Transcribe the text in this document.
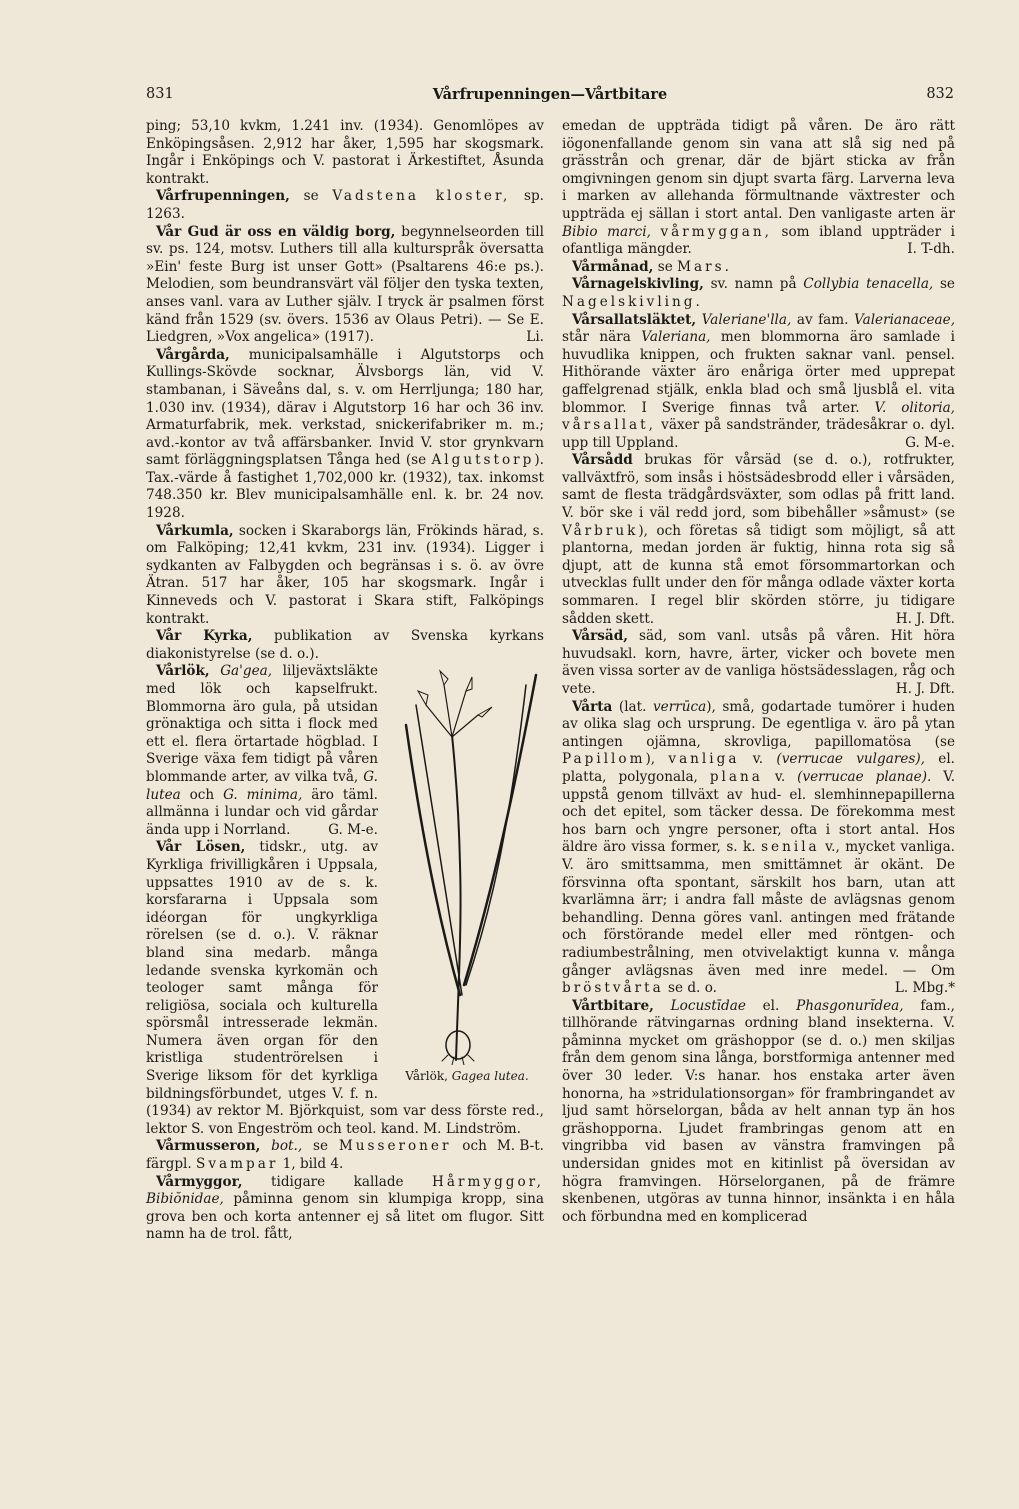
831	Vårfrupenningen—Vårtbitare	832

ping; 53,10 kvkm, 1.241 inv. (1934). Genomlöpes av Enköpingsåsen. 2,912 har åker, 1,595 har skogsmark. Ingår i Enköpings och V. pastorat i Ärkestiftet, Åsunda kontrakt.

Vårfrupenningen, se Vadstena kloster, sp. 1263.

Vår Gud är oss en väldig borg, begynnelseorden till sv. ps. 124, motsv. Luthers till alla kulturspråk översatta »Ein' feste Burg ist unser Gott» (Psaltarens 46:e ps.). Melodien, som beundransvärt väl följer den tyska texten, anses vanl. vara av Luther själv. I tryck är psalmen först känd från 1529 (sv. övers. 1536 av Olaus Petri). — Se E. Liedgren, »Vox angelica» (1917).	Li.

Vårgårda, municipalsamhälle i Algutstorps och Kullings-Skövde socknar, Älvsborgs län, vid V. stambanan, i Säveåns dal, s. v. om Herrljunga; 180 har, 1.030 inv. (1934), därav i Algutstorp 16 har och 36 inv. Armaturfabrik, mek. verkstad, snickerifabriker m. m.; avd.-kontor av två affärsbanker. Invid V. stor grynkvarn samt förläggningsplatsen Tånga hed (se Algutstorp). Tax.-värde å fastighet 1,702,000 kr. (1932), tax. inkomst 748.350 kr. Blev municipalsamhälle enl. k. br. 24 nov. 1928.

Vårkumla, socken i Skaraborgs län, Frökinds härad, s. om Falköping; 12,41 kvkm, 231 inv. (1934). Ligger i sydkanten av Falbygden och begränsas i s. ö. av övre Ätran. 517 har åker, 105 har skogsmark. Ingår i Kinneveds och V. pastorat i Skara stift, Falköpings kontrakt.

Vår Kyrka, publikation av Svenska kyrkans diakonistyrelse (se d. o.).

Vårlök, Gagea lutea.
Vårlök, Ga'gea, liljeväxtsläkte med lök och kapselfrukt. Blommorna äro gula, på utsidan grönaktiga och sitta i flock med ett el. flera örtartade högblad. I Sverige växa fem tidigt på våren blommande arter, av vilka två, G. lutea och G. minima, äro täml. allmänna i lundar och vid gårdar ända upp i Norrland.	G. M-e.

Vår Lösen, tidskr., utg. av Kyrkliga frivilligkåren i Uppsala, uppsattes 1910 av de s. k. korsfararna i Uppsala som idéorgan för ungkyrkliga rörelsen (se d. o.). V. räknar bland sina medarb. många ledande svenska kyrkomän och teologer samt många för religiösa, sociala och kulturella spörsmål intresserade lekmän. Numera även organ för den kristliga studentrörelsen i Sverige liksom för det kyrkliga bildningsförbundet, utges V. f. n. (1934) av rektor M. Björkquist, som var dess förste red., lektor S. von Engeström och teol. kand. M. Lindström.
M. B-t.

Vårmusseron, bot., se Musseroner och färgpl. Svampar 1, bild 4.

Vårmyggor, tidigare kallade Hårmyggor, Bibiŏnidae, påminna genom sin klumpiga kropp, sina grova ben och korta antenner ej så litet om flugor. Sitt namn ha de trol. fått,

emedan de uppträda tidigt på våren. De äro rätt iögonenfallande genom sin vana att slå sig ned på grässtrån och grenar, där de bjärt sticka av från omgivningen genom sin djupt svarta färg. Larverna leva i marken av allehanda förmultnande växtrester och uppträda ej sällan i stort antal. Den vanligaste arten är Bibio marci, vårmyggan, som ibland uppträder i ofantliga mängder.	I. T-dh.

Vårmånad, se Mars.

Vårnagelskivling, sv. namn på Collybia tenacella, se Nagelskivling.

Vårsallatsläktet, Valeriane'lla, av fam. Valerianaceae, står nära Valeriana, men blommorna äro samlade i huvudlika knippen, och frukten saknar vanl. pensel. Hithörande växter äro enåriga örter med upprepat gaffelgrenad stjälk, enkla blad och små ljusblå el. vita blommor. I Sverige finnas två arter. V. olitoria, vårsallat, växer på sandstränder, trädesåkrar o. dyl. upp till Uppland.	G. M-e.

Vårsådd brukas för vårsäd (se d. o.), rotfrukter, vallväxtfrö, som insås i höstsädesbrodd eller i vårsäden, samt de flesta trädgårdsväxter, som odlas på fritt land. V. bör ske i väl redd jord, som bibehåller »såmust» (se Vårbruk), och företas så tidigt som möjligt, så att plantorna, medan jorden är fuktig, hinna rota sig så djupt, att de kunna stå emot försommartorkan och utvecklas fullt under den för många odlade växter korta sommaren. I regel blir skörden större, ju tidigare sådden skett.	H. J. Dft.

Vårsäd, säd, som vanl. utsås på våren. Hit höra huvudsakl. korn, havre, ärter, vicker och bovete men även vissa sorter av de vanliga höstsädesslagen, råg och vete.	H. J. Dft.

Vårta (lat. verrūca), små, godartade tumörer i huden av olika slag och ursprung. De egentliga v. äro på ytan antingen ojämna, skrovliga, papillomatösa (se Papillom), vanliga v. (verrucae vulgares), el. platta, polygonala, plana v. (verrucae planae). V. uppstå genom tillväxt av hud- el. slemhinnepapillerna och det epitel, som täcker dessa. De förekomma mest hos barn och yngre personer, ofta i stort antal. Hos äldre äro vissa former, s. k. senila v., mycket vanliga. V. äro smittsamma, men smittämnet är okänt. De försvinna ofta spontant, särskilt hos barn, utan att kvarlämna ärr; i andra fall måste de avlägsnas genom behandling. Denna göres vanl. antingen med frätande och förstörande medel eller med röntgen- och radiumbestrålning, men otvivelaktigt kunna v. många gånger avlägsnas även med inre medel. — Om bröstvårta se d. o.	L. Mbg.*

Vårtbitare, Locustīdae el. Phasgonurĭdea, fam., tillhörande rätvingarnas ordning bland insekterna. V. påminna mycket om gräshoppor (se d. o.) men skiljas från dem genom sina långa, borstformiga antenner med över 30 leder. V:s hanar. hos enstaka arter även honorna, ha »stridulationsorgan» för frambringandet av ljud samt hörselorgan, båda av helt annan typ än hos gräshopporna. Ljudet frambringas genom att en vingribba vid basen av vänstra framvingen på undersidan gnides mot en kitinlist på översidan av högra framvingen. Hörselorganen, på de främre skenbenen, utgöras av tunna hinnor, insänkta i en håla och förbundna med en komplicerad
